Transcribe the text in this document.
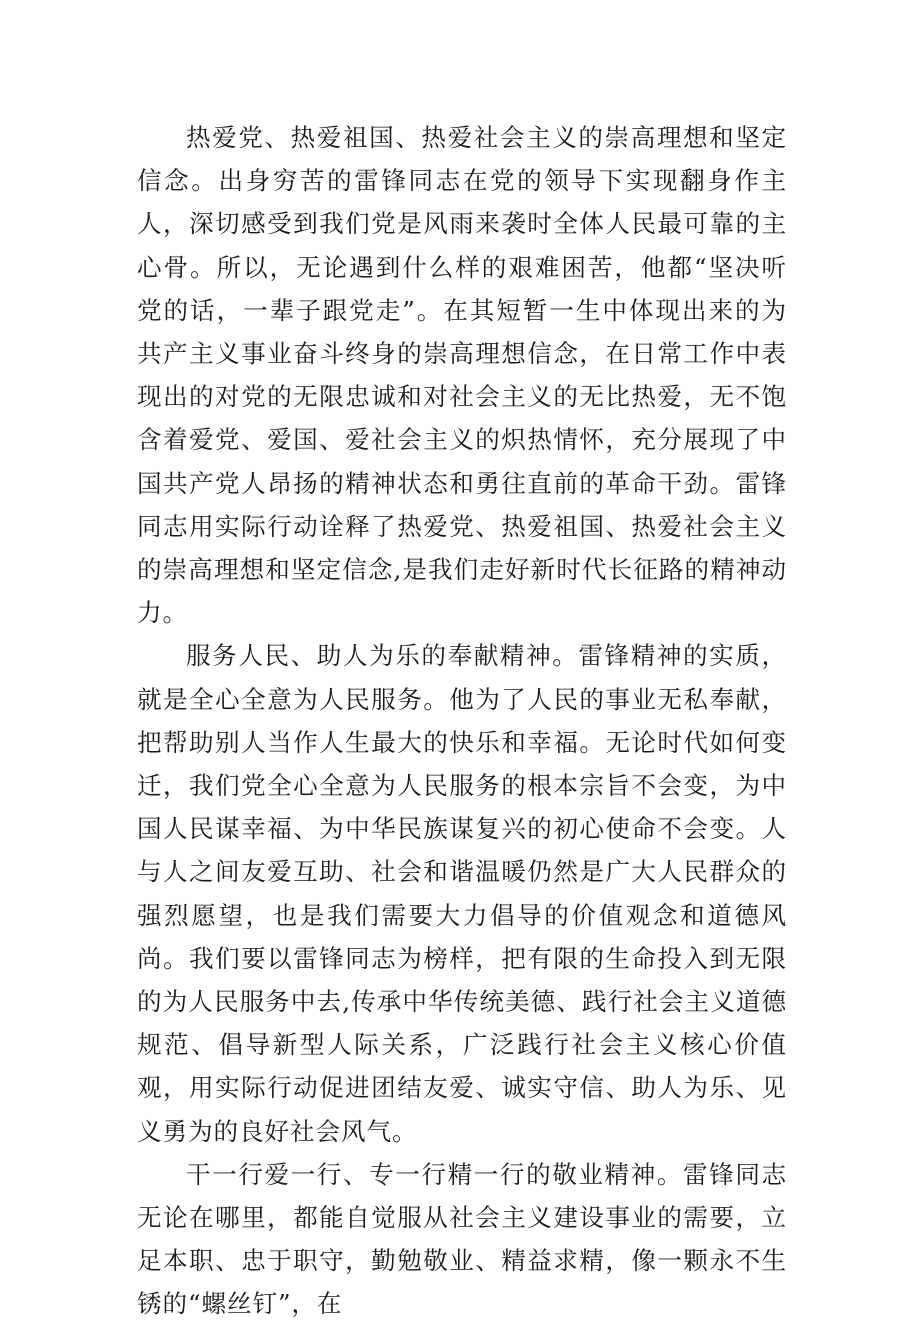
热爱党、热爱祖国、热爱社会主义的崇高理想和坚定信念。出身穷苦的雷锋同志在党的领导下实现翻身作主人，深切感受到我们党是风雨来袭时全体人民最可靠的主心骨。所以，无论遇到什么样的艰难困苦，他都“坚决听党的话，一辈子跟党走”。在其短暂一生中体现出来的为共产主义事业奋斗终身的崇高理想信念，在日常工作中表现出的对党的无限忠诚和对社会主义的无比热爱，无不饱含着爱党、爱国、爱社会主义的炽热情怀，充分展现了中国共产党人昂扬的精神状态和勇往直前的革命干劲。雷锋同志用实际行动诠释了热爱党、热爱祖国、热爱社会主义的崇高理想和坚定信念,是我们走好新时代长征路的精神动力。

服务人民、助人为乐的奉献精神。雷锋精神的实质，就是全心全意为人民服务。他为了人民的事业无私奉献，把帮助别人当作人生最大的快乐和幸福。无论时代如何变迁，我们党全心全意为人民服务的根本宗旨不会变，为中国人民谋幸福、为中华民族谋复兴的初心使命不会变。人与人之间友爱互助、社会和谐温暖仍然是广大人民群众的强烈愿望，也是我们需要大力倡导的价值观念和道德风尚。我们要以雷锋同志为榜样，把有限的生命投入到无限的为人民服务中去,传承中华传统美德、践行社会主义道德规范、倡导新型人际关系，广泛践行社会主义核心价值观，用实际行动促进团结友爱、诚实守信、助人为乐、见义勇为的良好社会风气。

干一行爱一行、专一行精一行的敬业精神。雷锋同志无论在哪里，都能自觉服从社会主义建设事业的需要，立足本职、忠于职守，勤勉敬业、精益求精，像一颗永不生锈的“螺丝钉”，在
